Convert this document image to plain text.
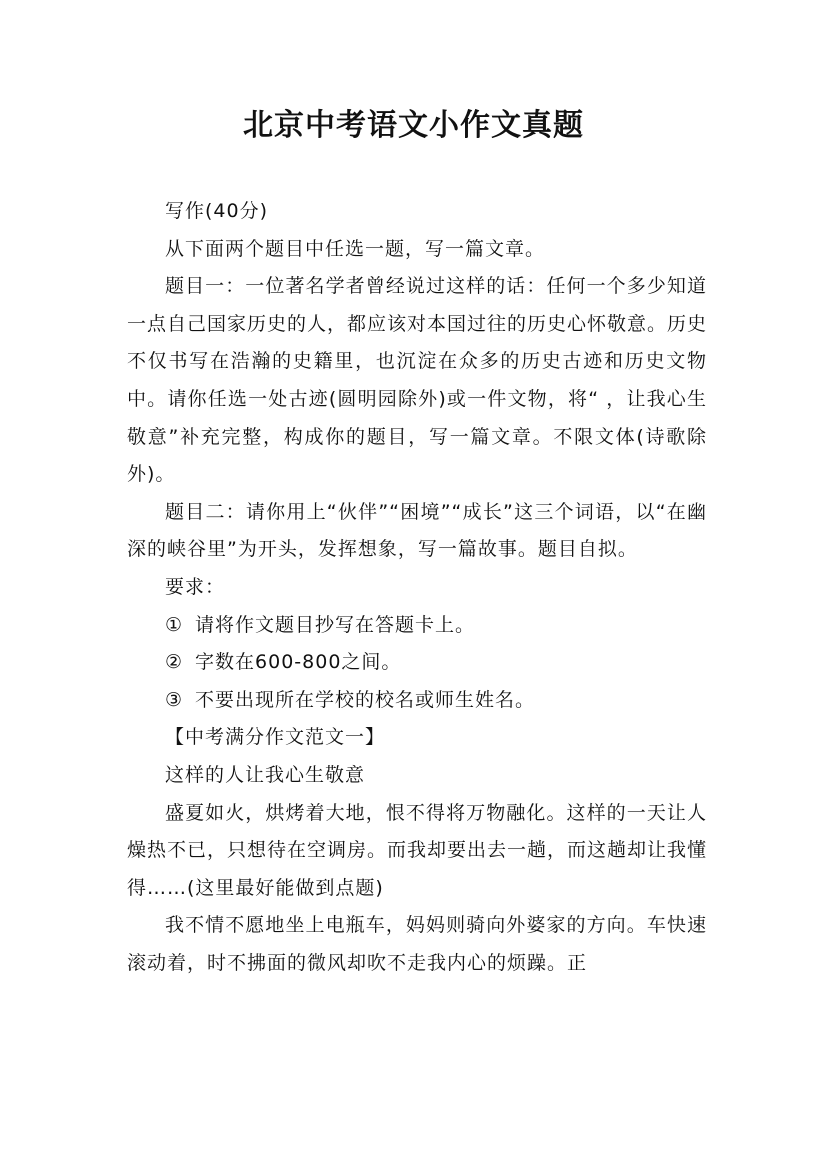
北京中考语文小作文真题

写作(40分)

从下面两个题目中任选一题，写一篇文章。

题目一：一位著名学者曾经说过这样的话：任何一个多少知道一点自己国家历史的人，都应该对本国过往的历史心怀敬意。历史不仅书写在浩瀚的史籍里，也沉淀在众多的历史古迹和历史文物中。请你任选一处古迹(圆明园除外)或一件文物，将“ ，让我心生敬意”补充完整，构成你的题目，写一篇文章。不限文体(诗歌除外)。

题目二：请你用上“伙伴”“困境”“成长”这三个词语，以“在幽深的峡谷里”为开头，发挥想象，写一篇故事。题目自拟。

要求：

① 请将作文题目抄写在答题卡上。

② 字数在600-800之间。

③ 不要出现所在学校的校名或师生姓名。

【中考满分作文范文一】

这样的人让我心生敬意

盛夏如火，烘烤着大地，恨不得将万物融化。这样的一天让人燥热不已，只想待在空调房。而我却要出去一趟，而这趟却让我懂得……(这里最好能做到点题)

我不情不愿地坐上电瓶车，妈妈则骑向外婆家的方向。车快速滚动着，时不拂面的微风却吹不走我内心的烦躁。正
